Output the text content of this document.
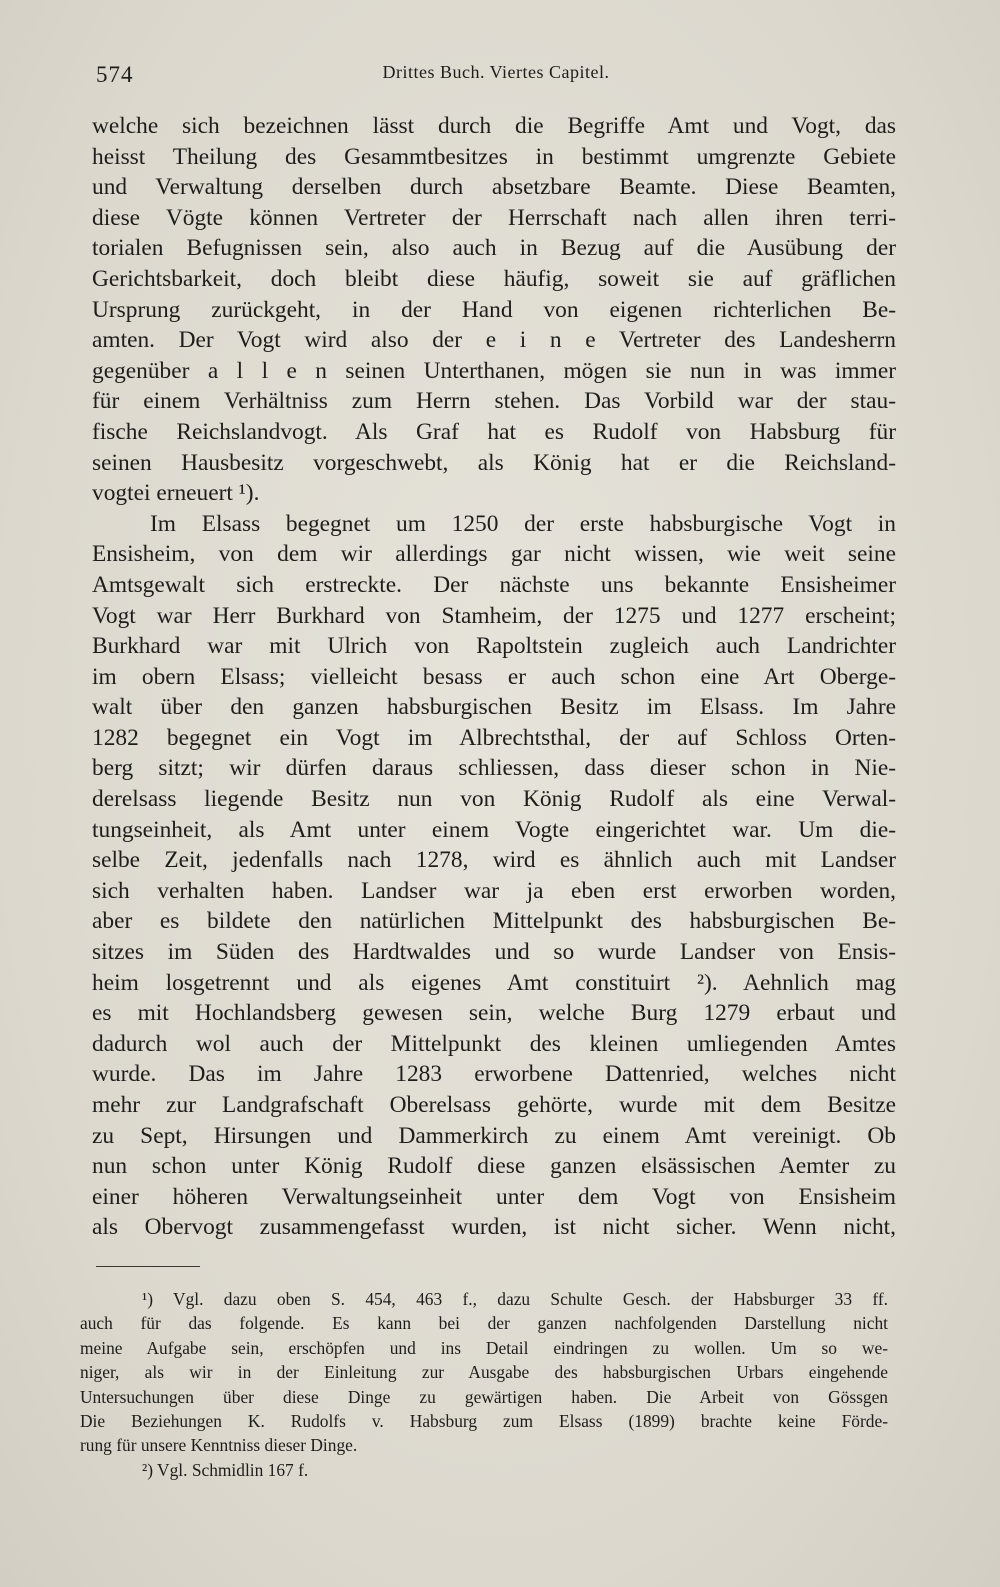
574	Drittes Buch. Viertes Capitel.
welche sich bezeichnen lässt durch die Begriffe Amt und Vogt, das
heisst Theilung des Gesammtbesitzes in bestimmt umgrenzte Gebiete
und Verwaltung derselben durch absetzbare Beamte. Diese Beamten,
diese Vögte können Vertreter der Herrschaft nach allen ihren terri-
torialen Befugnissen sein, also auch in Bezug auf die Ausübung der
Gerichtsbarkeit, doch bleibt diese häufig, soweit sie auf gräflichen
Ursprung zurückgeht, in der Hand von eigenen richterlichen Be-
amten. Der Vogt wird also der e i n e Vertreter des Landesherrn
gegenüber a l l e n seinen Unterthanen, mögen sie nun in was immer
für einem Verhältniss zum Herrn stehen. Das Vorbild war der stau-
fische Reichslandvogt. Als Graf hat es Rudolf von Habsburg für
seinen Hausbesitz vorgeschwebt, als König hat er die Reichsland-
vogtei erneuert ¹).
Im Elsass begegnet um 1250 der erste habsburgische Vogt in
Ensisheim, von dem wir allerdings gar nicht wissen, wie weit seine
Amtsgewalt sich erstreckte. Der nächste uns bekannte Ensisheimer
Vogt war Herr Burkhard von Stamheim, der 1275 und 1277 erscheint;
Burkhard war mit Ulrich von Rapoltstein zugleich auch Landrichter
im obern Elsass; vielleicht besass er auch schon eine Art Oberge-
walt über den ganzen habsburgischen Besitz im Elsass. Im Jahre
1282 begegnet ein Vogt im Albrechtsthal, der auf Schloss Orten-
berg sitzt; wir dürfen daraus schliessen, dass dieser schon in Nie-
derelsass liegende Besitz nun von König Rudolf als eine Verwal-
tungseinheit, als Amt unter einem Vogte eingerichtet war. Um die-
selbe Zeit, jedenfalls nach 1278, wird es ähnlich auch mit Landser
sich verhalten haben. Landser war ja eben erst erworben worden,
aber es bildete den natürlichen Mittelpunkt des habsburgischen Be-
sitzes im Süden des Hardtwaldes und so wurde Landser von Ensis-
heim losgetrennt und als eigenes Amt constituirt ²). Aehnlich mag
es mit Hochlandsberg gewesen sein, welche Burg 1279 erbaut und
dadurch wol auch der Mittelpunkt des kleinen umliegenden Amtes
wurde. Das im Jahre 1283 erworbene Dattenried, welches nicht
mehr zur Landgrafschaft Oberelsass gehörte, wurde mit dem Besitze
zu Sept, Hirsungen und Dammerkirch zu einem Amt vereinigt. Ob
nun schon unter König Rudolf diese ganzen elsässischen Aemter zu
einer höheren Verwaltungseinheit unter dem Vogt von Ensisheim
als Obervogt zusammengefasst wurden, ist nicht sicher. Wenn nicht,
¹) Vgl. dazu oben S. 454, 463 f., dazu Schulte Gesch. der Habsburger 33 ff.
auch für das folgende. Es kann bei der ganzen nachfolgenden Darstellung nicht
meine Aufgabe sein, erschöpfen und ins Detail eindringen zu wollen. Um so we-
niger, als wir in der Einleitung zur Ausgabe des habsburgischen Urbars eingehende
Untersuchungen über diese Dinge zu gewärtigen haben. Die Arbeit von Gössgen
Die Beziehungen K. Rudolfs v. Habsburg zum Elsass (1899) brachte keine Förde-
rung für unsere Kenntniss dieser Dinge.
²) Vgl. Schmidlin 167 f.
